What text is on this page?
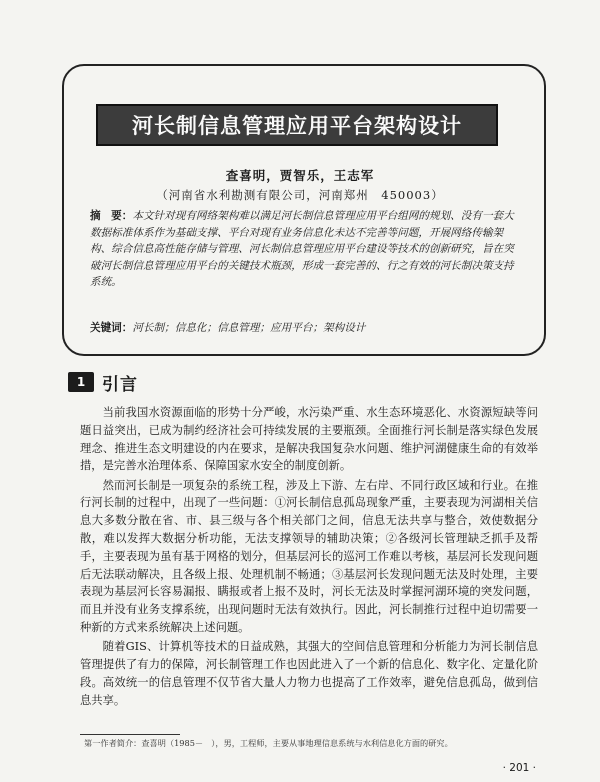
河长制信息管理应用平台架构设计
查喜明，贾智乐，王志军
（河南省水利勘测有限公司，河南郑州　450003）
摘　要：本文针对现有网络架构难以满足河长制信息管理应用平台组网的规划、没有一套大数据标准体系作为基础支撑、平台对现有业务信息化未达不完善等问题，开展网络传输架构、综合信息高性能存储与管理、河长制信息管理应用平台建设等技术的创新研究，旨在突破河长制信息管理应用平台的关键技术瓶颈，形成一套完善的、行之有效的河长制决策支持系统。
关键词：河长制；信息化；信息管理；应用平台；架构设计
1 引言

当前我国水资源面临的形势十分严峻，水污染严重、水生态环境恶化、水资源短缺等问题日益突出，已成为制约经济社会可持续发展的主要瓶颈。全面推行河长制是落实绿色发展理念、推进生态文明建设的内在要求，是解决我国复杂水问题、维护河湖健康生命的有效举措，是完善水治理体系、保障国家水安全的制度创新。

然而河长制是一项复杂的系统工程，涉及上下游、左右岸、不同行政区域和行业。在推行河长制的过程中，出现了一些问题：①河长制信息孤岛现象严重，主要表现为河湖相关信息大多数分散在省、市、县三级与各个相关部门之间，信息无法共享与整合，效使数据分散，难以发挥大数据分析功能，无法支撑领导的辅助决策；②各级河长管理缺乏抓手及帮手，主要表现为虽有基于网格的划分，但基层河长的巡河工作难以考核，基层河长发现问题后无法联动解决，且各级上报、处理机制不畅通；③基层河长发现问题无法及时处理，主要表现为基层河长容易漏报、瞒报或者上报不及时，河长无法及时掌握河湖环境的突发问题，而且并没有业务支撑系统，出现问题时无法有效执行。因此，河长制推行过程中迫切需要一种新的方式来系统解决上述问题。

随着GIS、计算机等技术的日益成熟，其强大的空间信息管理和分析能力为河长制信息管理提供了有力的保障，河长制管理工作也因此进入了一个新的信息化、数字化、定量化阶段。高效统一的信息管理不仅节省大量人力物力也提高了工作效率，避免信息孤岛，做到信息共享。

第一作者简介：查喜明（1985－　），男，工程师，主要从事地理信息系统与水利信息化方面的研究。
· 201 ·
